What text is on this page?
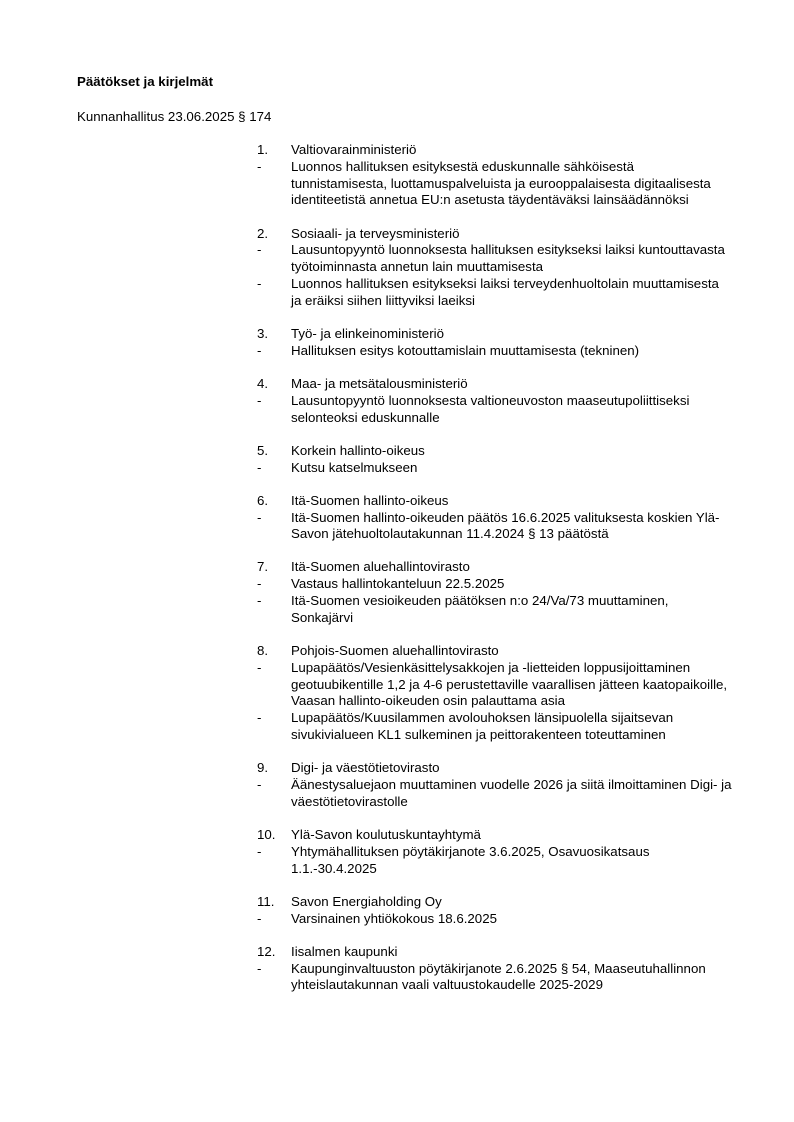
Päätökset ja kirjelmät
Kunnanhallitus 23.06.2025 § 174
1.	Valtiovarainministeriö
-	Luonnos hallituksen esityksestä eduskunnalle sähköisestä tunnistamisesta, luottamuspalveluista ja eurooppalaisesta digitaalisesta identiteetistä annetua EU:n asetusta täydentäväksi lainsäädännöksi
2.	Sosiaali- ja terveysministeriö
-	Lausuntopyyntö luonnoksesta hallituksen esitykseksi laiksi kuntouttavasta työtoiminnasta annetun lain muuttamisesta
-	Luonnos hallituksen esitykseksi laiksi terveydenhuoltolain muuttamisesta ja eräiksi siihen liittyviksi laeiksi
3.	Työ- ja elinkeinoministeriö
-	Hallituksen esitys kotouttamislain muuttamisesta (tekninen)
4.	Maa- ja metsätalousministeriö
-	Lausuntopyyntö luonnoksesta valtioneuvoston maaseutupoliittiseksi selonteoksi eduskunnalle
5.	Korkein hallinto-oikeus
-	Kutsu katselmukseen
6.	Itä-Suomen hallinto-oikeus
-	Itä-Suomen hallinto-oikeuden päätös 16.6.2025 valituksesta koskien Ylä-Savon jätehuoltolautakunnan 11.4.2024 § 13 päätöstä
7.	Itä-Suomen aluehallintovirasto
-	Vastaus hallintokanteluun 22.5.2025
-	Itä-Suomen vesioikeuden päätöksen n:o 24/Va/73 muuttaminen, Sonkajärvi
8.	Pohjois-Suomen aluehallintovirasto
-	Lupapäätös/Vesienkäsittelysakkojen ja -lietteiden loppusijoittaminen geotuubikentille 1,2 ja 4-6 perustettaville vaarallisen jätteen kaatopaikoille, Vaasan hallinto-oikeuden osin palauttama asia
-	Lupapäätös/Kuusilammen avolouhoksen länsipuolella sijaitsevan sivukivialueen KL1 sulkeminen ja peittorakenteen toteuttaminen
9.	Digi- ja väestötietovirasto
-	Äänestysaluejaon muuttaminen vuodelle 2026 ja siitä ilmoittaminen Digi- ja väestötietovirastolle
10.	Ylä-Savon koulutuskuntayhtymä
-	Yhtymähallituksen pöytäkirjanote 3.6.2025, Osavuosikatsaus 1.1.-30.4.2025
11.	Savon Energiaholding Oy
-	Varsinainen yhtiökokous 18.6.2025
12.	Iisalmen kaupunki
-	Kaupunginvaltuuston pöytäkirjanote 2.6.2025 § 54, Maaseutuhallinnon yhteislautakunnan vaali valtuustokaudelle 2025-2029
